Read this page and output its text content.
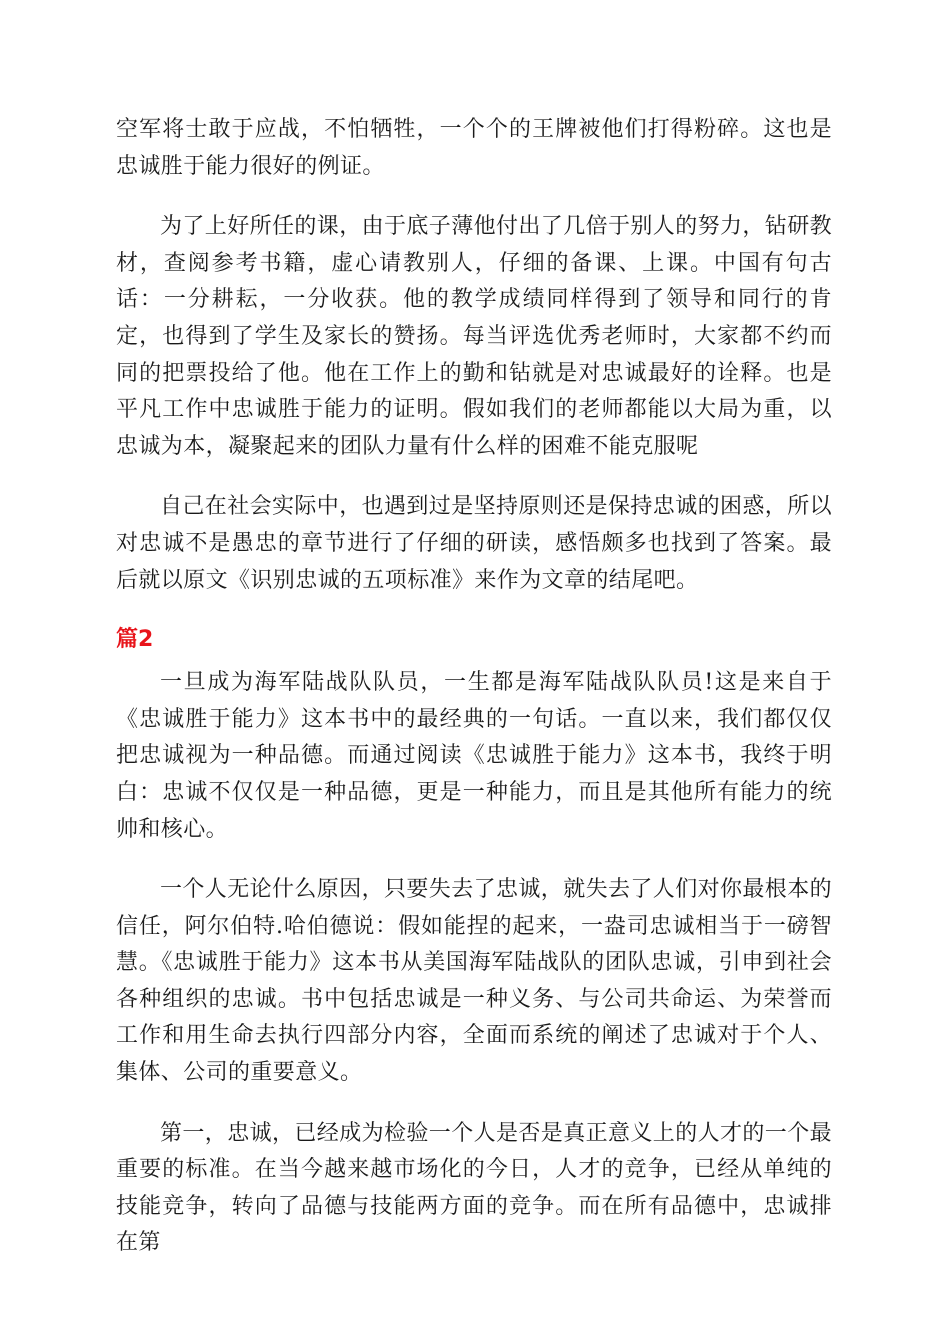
空军将士敢于应战，不怕牺牲，一个个的王牌被他们打得粉碎。这也是忠诚胜于能力很好的例证。

为了上好所任的课，由于底子薄他付出了几倍于别人的努力，钻研教材，查阅参考书籍，虚心请教别人，仔细的备课、上课。中国有句古话：一分耕耘，一分收获。他的教学成绩同样得到了领导和同行的肯定，也得到了学生及家长的赞扬。每当评选优秀老师时，大家都不约而同的把票投给了他。他在工作上的勤和钻就是对忠诚最好的诠释。也是平凡工作中忠诚胜于能力的证明。假如我们的老师都能以大局为重，以忠诚为本，凝聚起来的团队力量有什么样的困难不能克服呢

自己在社会实际中，也遇到过是坚持原则还是保持忠诚的困惑，所以对忠诚不是愚忠的章节进行了仔细的研读，感悟颇多也找到了答案。最后就以原文《识别忠诚的五项标准》来作为文章的结尾吧。

篇2

一旦成为海军陆战队队员，一生都是海军陆战队队员!这是来自于《忠诚胜于能力》这本书中的最经典的一句话。一直以来，我们都仅仅把忠诚视为一种品德。而通过阅读《忠诚胜于能力》这本书，我终于明白：忠诚不仅仅是一种品德，更是一种能力，而且是其他所有能力的统帅和核心。

一个人无论什么原因，只要失去了忠诚，就失去了人们对你最根本的信任，阿尔伯特.哈伯德说：假如能捏的起来，一盎司忠诚相当于一磅智慧。《忠诚胜于能力》这本书从美国海军陆战队的团队忠诚，引申到社会各种组织的忠诚。书中包括忠诚是一种义务、与公司共命运、为荣誉而工作和用生命去执行四部分内容，全面而系统的阐述了忠诚对于个人、集体、公司的重要意义。

第一，忠诚，已经成为检验一个人是否是真正意义上的人才的一个最重要的标准。在当今越来越市场化的今日，人才的竞争，已经从单纯的技能竞争，转向了品德与技能两方面的竞争。而在所有品德中，忠诚排在第
